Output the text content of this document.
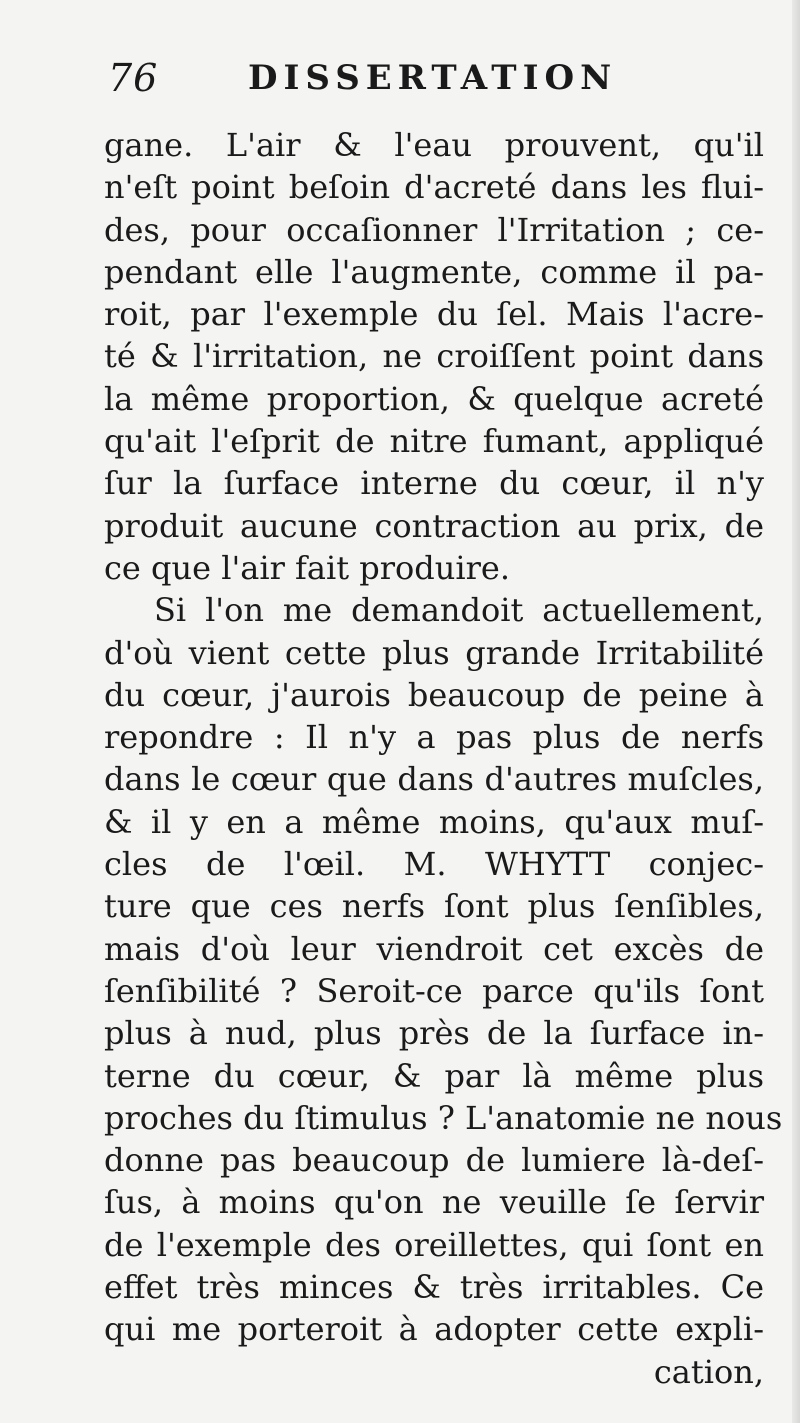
76	DISSERTATION
gane. L'air & l'eau prouvent, qu'il
n'eſt point beſoin d'acreté dans les flui-
des, pour occaſionner l'Irritation ; ce-
pendant elle l'augmente, comme il pa-
roit, par l'exemple du ſel. Mais l'acre-
té & l'irritation, ne croiſſent point dans
la même proportion, & quelque acreté
qu'ait l'eſprit de nitre fumant, appliqué
ſur la ſurface interne du cœur, il n'y
produit aucune contraction au prix, de
ce que l'air fait produire.
Si l'on me demandoit actuellement,
d'où vient cette plus grande Irritabilité
du cœur, j'aurois beaucoup de peine à
repondre : Il n'y a pas plus de nerfs
dans le cœur que dans d'autres muſcles,
& il y en a même moins, qu'aux muſ-
cles de l'œil. M. WHYTT conjec-
ture que ces nerfs ſont plus ſenſibles,
mais d'où leur viendroit cet excès de
ſenſibilité ? Seroit-ce parce qu'ils ſont
plus à nud, plus près de la ſurface in-
terne du cœur, & par là même plus
proches du ſtimulus ? L'anatomie ne nous
donne pas beaucoup de lumiere là-deſ-
ſus, à moins qu'on ne veuille ſe ſervir
de l'exemple des oreillettes, qui ſont en
effet très minces & très irritables. Ce
qui me porteroit à adopter cette expli-
cation,
